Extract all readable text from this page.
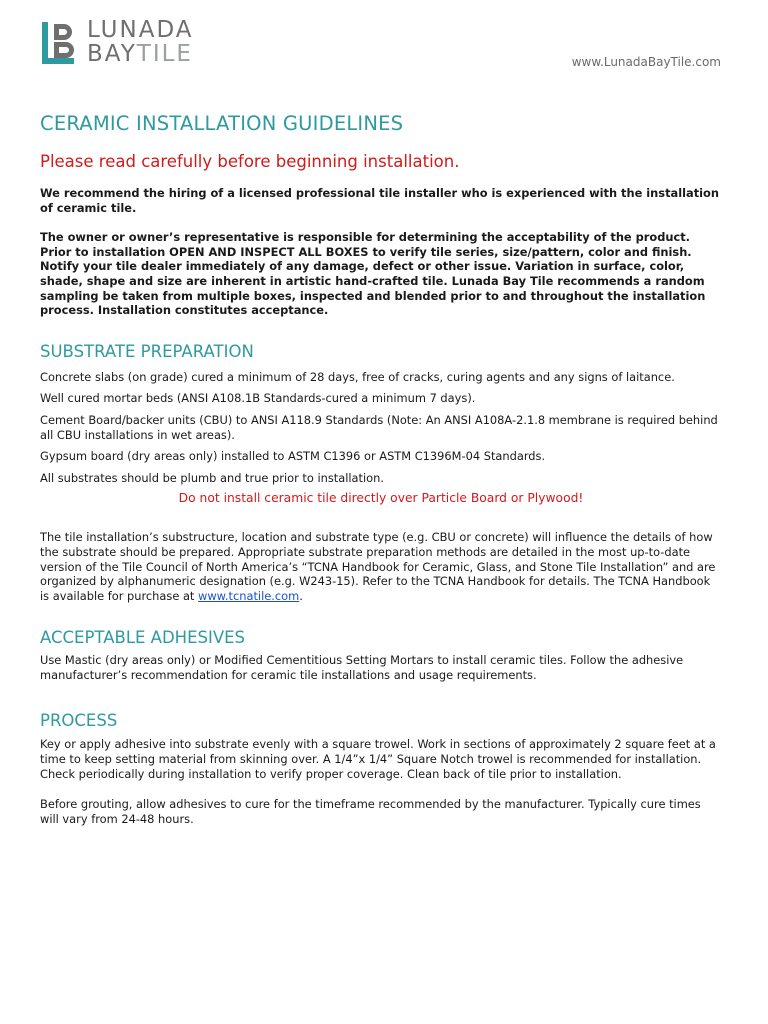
LUNADA
BAYTILE	www.LunadaBayTile.com
CERAMIC INSTALLATION GUIDELINES

Please read carefully before beginning installation.

We recommend the hiring of a licensed professional tile installer who is experienced with the installation of ceramic tile.

The owner or owner’s representative is responsible for determining the acceptability of the product. Prior to installation OPEN AND INSPECT ALL BOXES to verify tile series, size/pattern, color and finish. Notify your tile dealer immediately of any damage, defect or other issue. Variation in surface, color, shade, shape and size are inherent in artistic hand-crafted tile. Lunada Bay Tile recommends a random sampling be taken from multiple boxes, inspected and blended prior to and throughout the installation process. Installation constitutes acceptance.

SUBSTRATE PREPARATION

Concrete slabs (on grade) cured a minimum of 28 days, free of cracks, curing agents and any signs of laitance.

Well cured mortar beds (ANSI A108.1B Standards-cured a minimum 7 days).

Cement Board/backer units (CBU) to ANSI A118.9 Standards (Note: An ANSI A108A-2.1.8 membrane is required behind all CBU installations in wet areas).

Gypsum board (dry areas only) installed to ASTM C1396 or ASTM C1396M-04 Standards.

All substrates should be plumb and true prior to installation.

Do not install ceramic tile directly over Particle Board or Plywood!

The tile installation’s substructure, location and substrate type (e.g. CBU or concrete) will influence the details of how the substrate should be prepared. Appropriate substrate preparation methods are detailed in the most up-to-date version of the Tile Council of North America’s “TCNA Handbook for Ceramic, Glass, and Stone Tile Installation” and are organized by alphanumeric designation (e.g. W243-15). Refer to the TCNA Handbook for details. The TCNA Handbook is available for purchase at www.tcnatile.com.

ACCEPTABLE ADHESIVES

Use Mastic (dry areas only) or Modified Cementitious Setting Mortars to install ceramic tiles. Follow the adhesive manufacturer’s recommendation for ceramic tile installations and usage requirements.

PROCESS

Key or apply adhesive into substrate evenly with a square trowel. Work in sections of approximately 2 square feet at a time to keep setting material from skinning over. A 1/4”x 1/4” Square Notch trowel is recommended for installation. Check periodically during installation to verify proper coverage. Clean back of tile prior to installation.

Before grouting, allow adhesives to cure for the timeframe recommended by the manufacturer. Typically cure times will vary from 24-48 hours.
